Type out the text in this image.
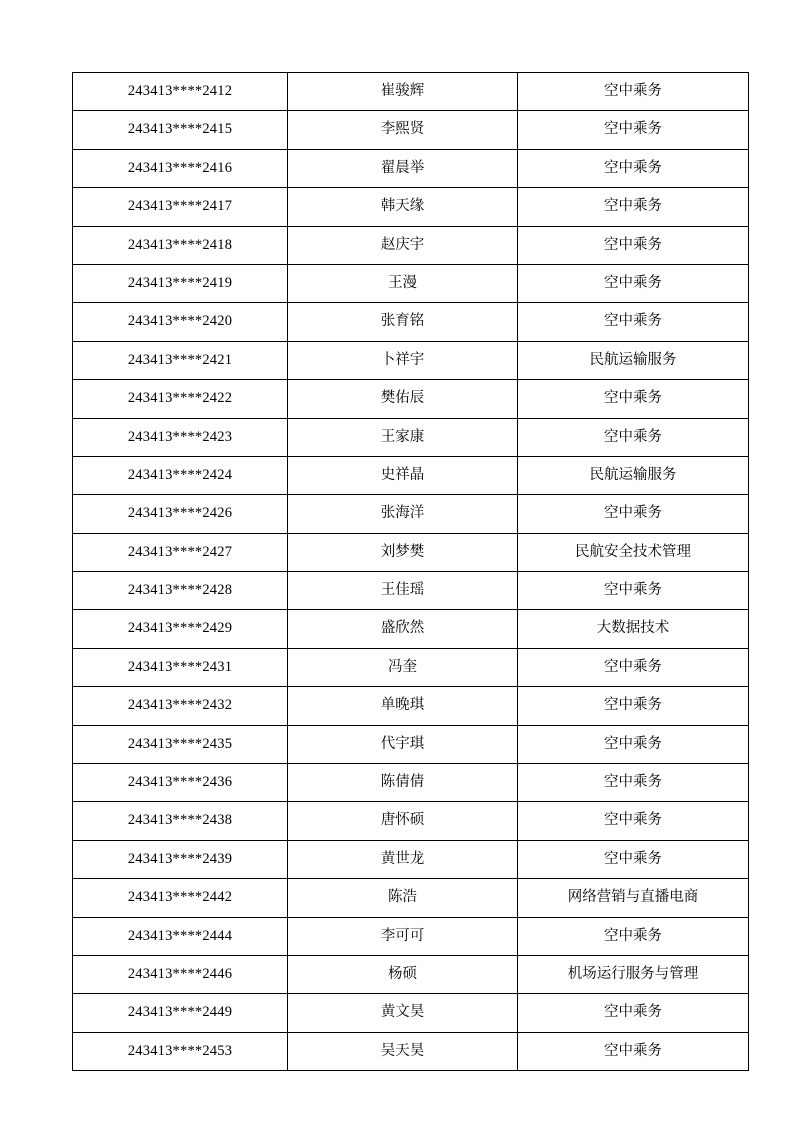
243413****2412	崔骏辉	空中乘务
243413****2415	李熙贤	空中乘务
243413****2416	翟晨举	空中乘务
243413****2417	韩天缘	空中乘务
243413****2418	赵庆宇	空中乘务
243413****2419	王漫	空中乘务
243413****2420	张育铭	空中乘务
243413****2421	卜祥宇	民航运输服务
243413****2422	樊佑辰	空中乘务
243413****2423	王家康	空中乘务
243413****2424	史祥晶	民航运输服务
243413****2426	张海洋	空中乘务
243413****2427	刘梦樊	民航安全技术管理
243413****2428	王佳瑶	空中乘务
243413****2429	盛欣然	大数据技术
243413****2431	冯奎	空中乘务
243413****2432	单晚琪	空中乘务
243413****2435	代宇琪	空中乘务
243413****2436	陈倩倩	空中乘务
243413****2438	唐怀硕	空中乘务
243413****2439	黄世龙	空中乘务
243413****2442	陈浩	网络营销与直播电商
243413****2444	李可可	空中乘务
243413****2446	杨硕	机场运行服务与管理
243413****2449	黄文昊	空中乘务
243413****2453	吴天昊	空中乘务
